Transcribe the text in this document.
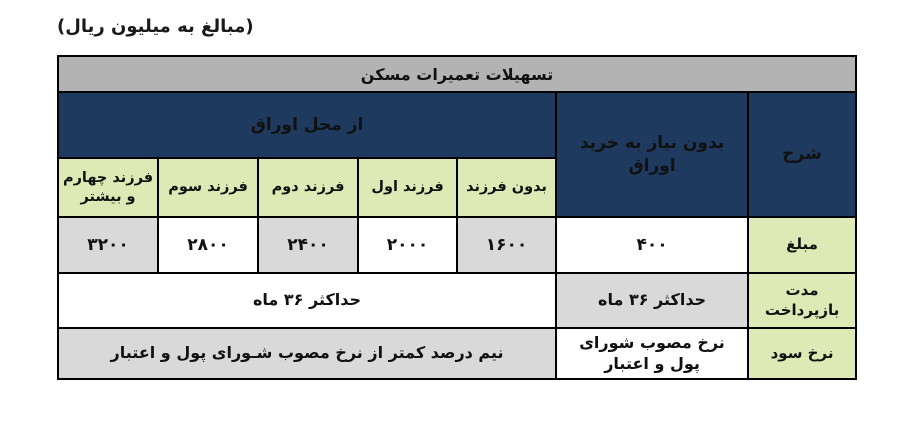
(مبالغ به میلیون ریال)
تسهیلات تعمیرات مسکن						
شرح	بدون نیاز به خرید اوراق	از محل اوراق				
		بدون فرزند	فرزند اول	فرزند دوم	فرزند سوم	فرزند چهارم و بیشتر
مبلغ	۴۰۰	۱۶۰۰	۲۰۰۰	۲۴۰۰	۲۸۰۰	۳۲۰۰
مدت بازپرداخت	حداکثر ۳۶ ماه	حداکثر ۳۶ ماه				
نرخ سود	نرخ مصوب شورای پول و اعتبار	نیم درصد کمتر از نرخ مصوب شـورای پول و اعتبار				
